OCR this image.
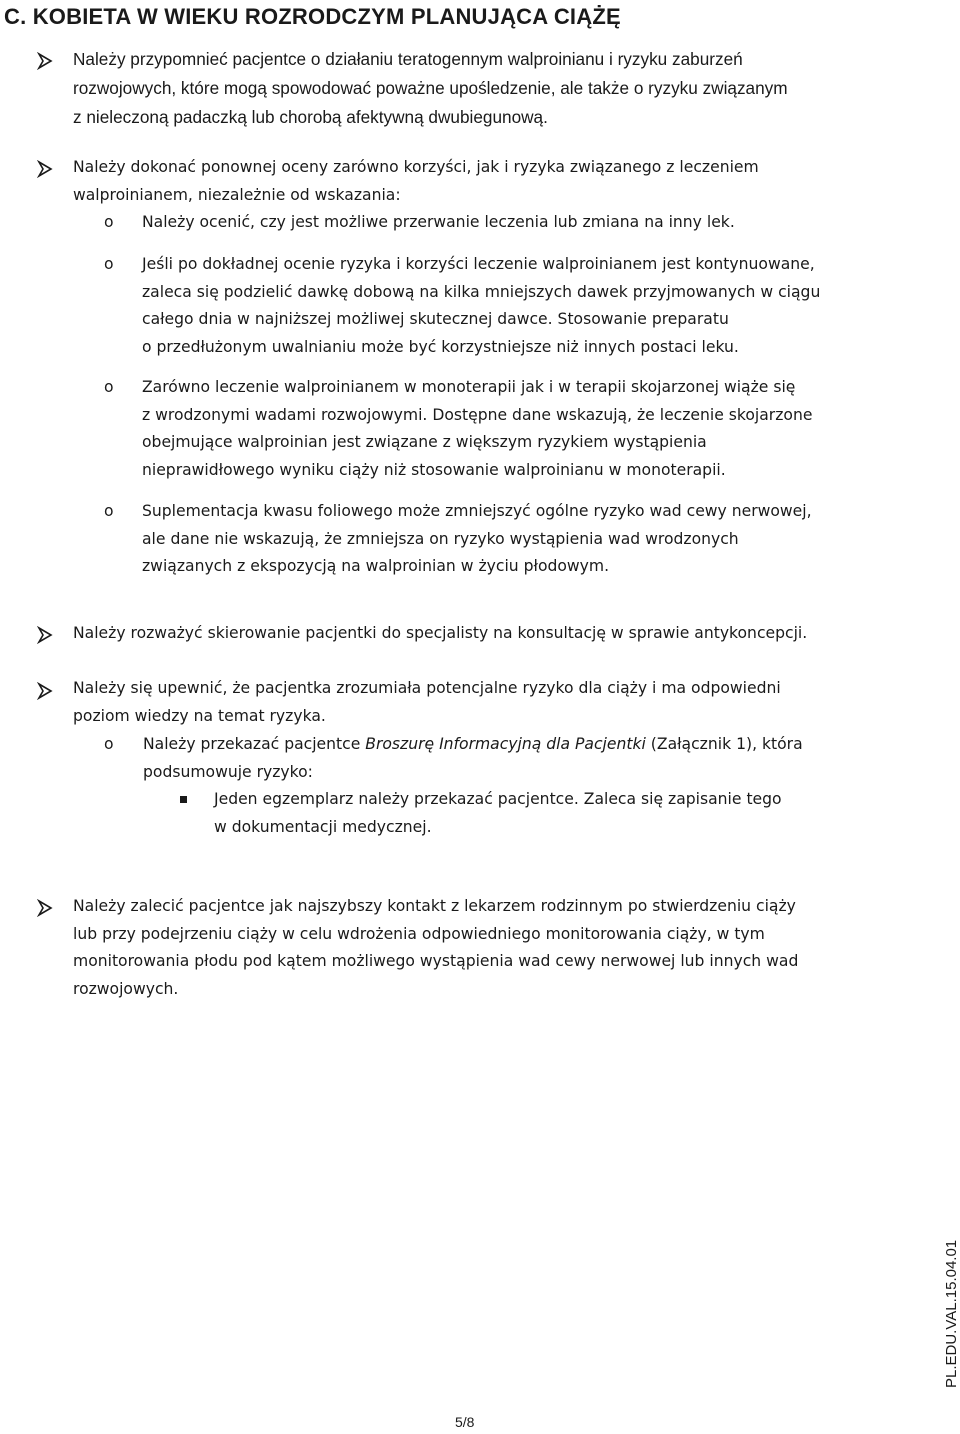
C. KOBIETA W WIEKU ROZRODCZYM PLANUJĄCA CIĄŻĘ
Należy przypomnieć pacjentce o działaniu teratogennym walproinianu i ryzyku zaburzeń
rozwojowych, które mogą spowodować poważne upośledzenie, ale także o ryzyku związanym
z nieleczoną padaczką lub chorobą afektywną dwubiegunową.
Należy dokonać ponownej oceny zarówno korzyści, jak i ryzyka związanego z leczeniem
walproinianem, niezależnie od wskazania:
o Należy ocenić, czy jest możliwe przerwanie leczenia lub zmiana na inny lek.
o Jeśli po dokładnej ocenie ryzyka i korzyści leczenie walproinianem jest kontynuowane,
zaleca się podzielić dawkę dobową na kilka mniejszych dawek przyjmowanych w ciągu
całego dnia w najniższej możliwej skutecznej dawce. Stosowanie preparatu
o przedłużonym uwalnianiu może być korzystniejsze niż innych postaci leku.
o Zarówno leczenie walproinianem w monoterapii jak i w terapii skojarzonej wiąże się
z wrodzonymi wadami rozwojowymi. Dostępne dane wskazują, że leczenie skojarzone
obejmujące walproinian jest związane z większym ryzykiem wystąpienia
nieprawidłowego wyniku ciąży niż stosowanie walproinianu w monoterapii.
o Suplementacja kwasu foliowego może zmniejszyć ogólne ryzyko wad cewy nerwowej,
ale dane nie wskazują, że zmniejsza on ryzyko wystąpienia wad wrodzonych
związanych z ekspozycją na walproinian w życiu płodowym.
Należy rozważyć skierowanie pacjentki do specjalisty na konsultację w sprawie antykoncepcji.
Należy się upewnić, że pacjentka zrozumiała potencjalne ryzyko dla ciąży i ma odpowiedni
poziom wiedzy na temat ryzyka.
o Należy przekazać pacjentce Broszurę Informacyjną dla Pacjentki (Załącznik 1), która
podsumowuje ryzyko:
Jeden egzemplarz należy przekazać pacjentce. Zaleca się zapisanie tego
w dokumentacji medycznej.
Należy zalecić pacjentce jak najszybszy kontakt z lekarzem rodzinnym po stwierdzeniu ciąży
lub przy podejrzeniu ciąży w celu wdrożenia odpowiedniego monitorowania ciąży, w tym
monitorowania płodu pod kątem możliwego wystąpienia wad cewy nerwowej lub innych wad
rozwojowych.
PL.EDU.VAL.15.04.01
5/8
